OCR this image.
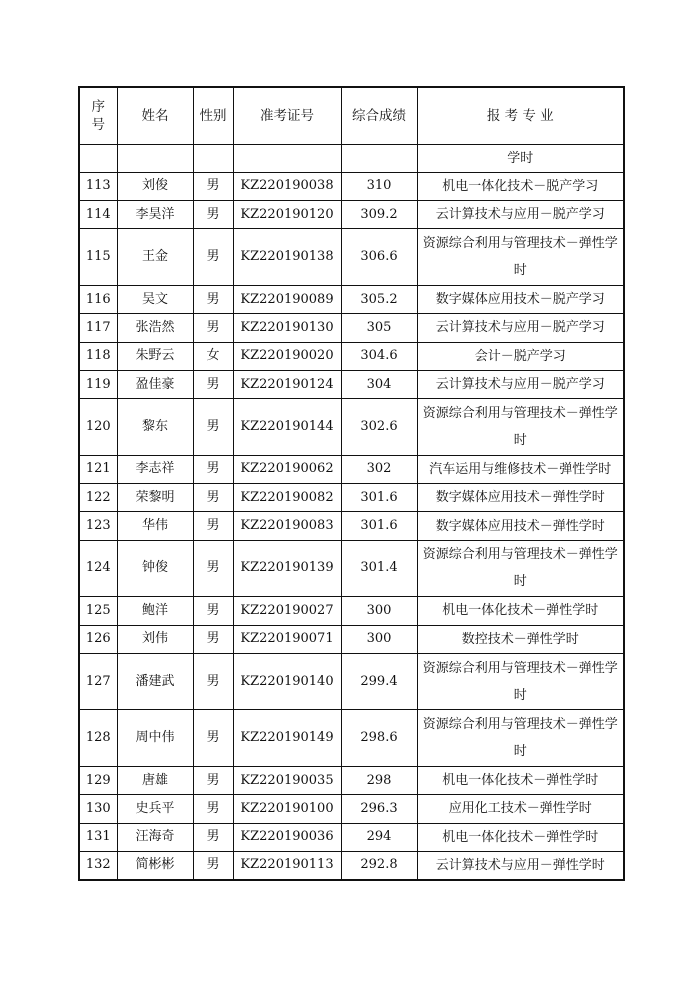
序号	姓名	性别	准考证号	综合成绩	报 考 专 业
					学时
113	刘俊	男	KZ220190038	310	机电一体化技术－脱产学习
114	李昊洋	男	KZ220190120	309.2	云计算技术与应用－脱产学习
115	王金	男	KZ220190138	306.6	资源综合利用与管理技术－弹性学时
116	吴文	男	KZ220190089	305.2	数字媒体应用技术－脱产学习
117	张浩然	男	KZ220190130	305	云计算技术与应用－脱产学习
118	朱野云	女	KZ220190020	304.6	会计－脱产学习
119	盈佳豪	男	KZ220190124	304	云计算技术与应用－脱产学习
120	黎东	男	KZ220190144	302.6	资源综合利用与管理技术－弹性学时
121	李志祥	男	KZ220190062	302	汽车运用与维修技术－弹性学时
122	荣黎明	男	KZ220190082	301.6	数字媒体应用技术－弹性学时
123	华伟	男	KZ220190083	301.6	数字媒体应用技术－弹性学时
124	钟俊	男	KZ220190139	301.4	资源综合利用与管理技术－弹性学时
125	鲍洋	男	KZ220190027	300	机电一体化技术－弹性学时
126	刘伟	男	KZ220190071	300	数控技术－弹性学时
127	潘建武	男	KZ220190140	299.4	资源综合利用与管理技术－弹性学时
128	周中伟	男	KZ220190149	298.6	资源综合利用与管理技术－弹性学时
129	唐雄	男	KZ220190035	298	机电一体化技术－弹性学时
130	史兵平	男	KZ220190100	296.3	应用化工技术－弹性学时
131	汪海奇	男	KZ220190036	294	机电一体化技术－弹性学时
132	简彬彬	男	KZ220190113	292.8	云计算技术与应用－弹性学时
